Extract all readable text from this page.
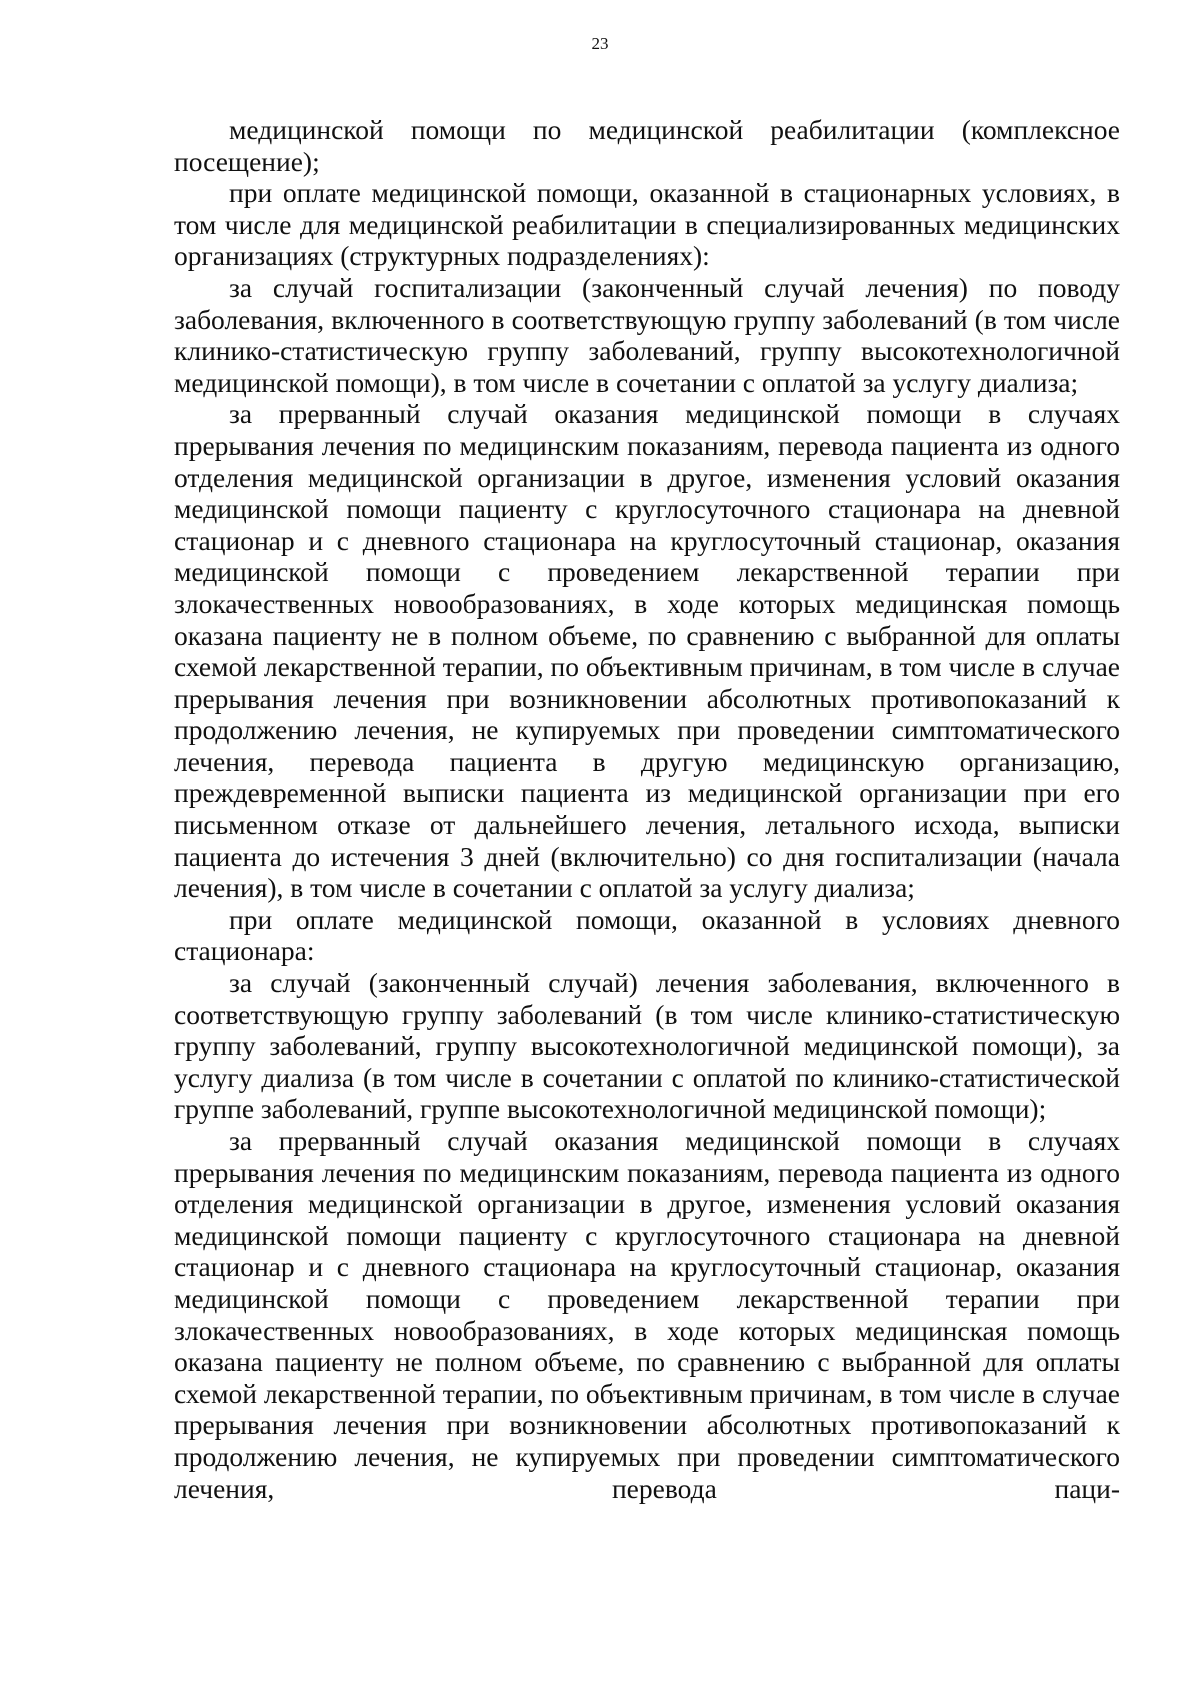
23

медицинской помощи по медицинской реабилитации (комплексное посещение);

при оплате медицинской помощи, оказанной в стационарных условиях, в том числе для медицинской реабилитации в специализированных медицинских организациях (структурных подразделениях):

за случай госпитализации (законченный случай лечения) по поводу заболевания, включенного в соответствующую группу заболеваний (в том числе клинико-статистическую группу заболеваний, группу высокотехнологичной медицинской помощи), в том числе в сочетании с оплатой за услугу диализа;

за прерванный случай оказания медицинской помощи в случаях прерывания лечения по медицинским показаниям, перевода пациента из одного отделения медицинской организации в другое, изменения условий оказания медицинской помощи пациенту с круглосуточного стационара на дневной стационар и с дневного стационара на круглосуточный стационар, оказания медицинской помощи с проведением лекарственной терапии при злокачественных новообразованиях, в ходе которых медицинская помощь оказана пациенту не в полном объеме, по сравнению с выбранной для оплаты схемой лекарственной терапии, по объективным причинам, в том числе в случае прерывания лечения при возникновении абсолютных противопоказаний к продолжению лечения, не купируемых при проведении симптоматического лечения, перевода пациента в другую медицинскую организацию, преждевременной выписки пациента из медицинской организации при его письменном отказе от дальнейшего лечения, летального исхода, выписки пациента до истечения 3 дней (включительно) со дня госпитализации (начала лечения), в том числе в сочетании с оплатой за услугу диализа;

при оплате медицинской помощи, оказанной в условиях дневного стационара:

за случай (законченный случай) лечения заболевания, включенного в соответствующую группу заболеваний (в том числе клинико-статистическую группу заболеваний, группу высокотехнологичной медицинской помощи), за услугу диализа (в том числе в сочетании с оплатой по клинико-статистической группе заболеваний, группе высокотехнологичной медицинской помощи);

за прерванный случай оказания медицинской помощи в случаях прерывания лечения по медицинским показаниям, перевода пациента из одного отделения медицинской организации в другое, изменения условий оказания медицинской помощи пациенту с круглосуточного стационара на дневной стационар и с дневного стационара на круглосуточный стационар, оказания медицинской помощи с проведением лекарственной терапии при злокачественных новообразованиях, в ходе которых медицинская помощь оказана пациенту не полном объеме, по сравнению с выбранной для оплаты схемой лекарственной терапии, по объективным причинам, в том числе в случае прерывания лечения при возникновении абсолютных противопоказаний к продолжению лечения, не купируемых при проведении симптоматического лечения, перевода паци-
